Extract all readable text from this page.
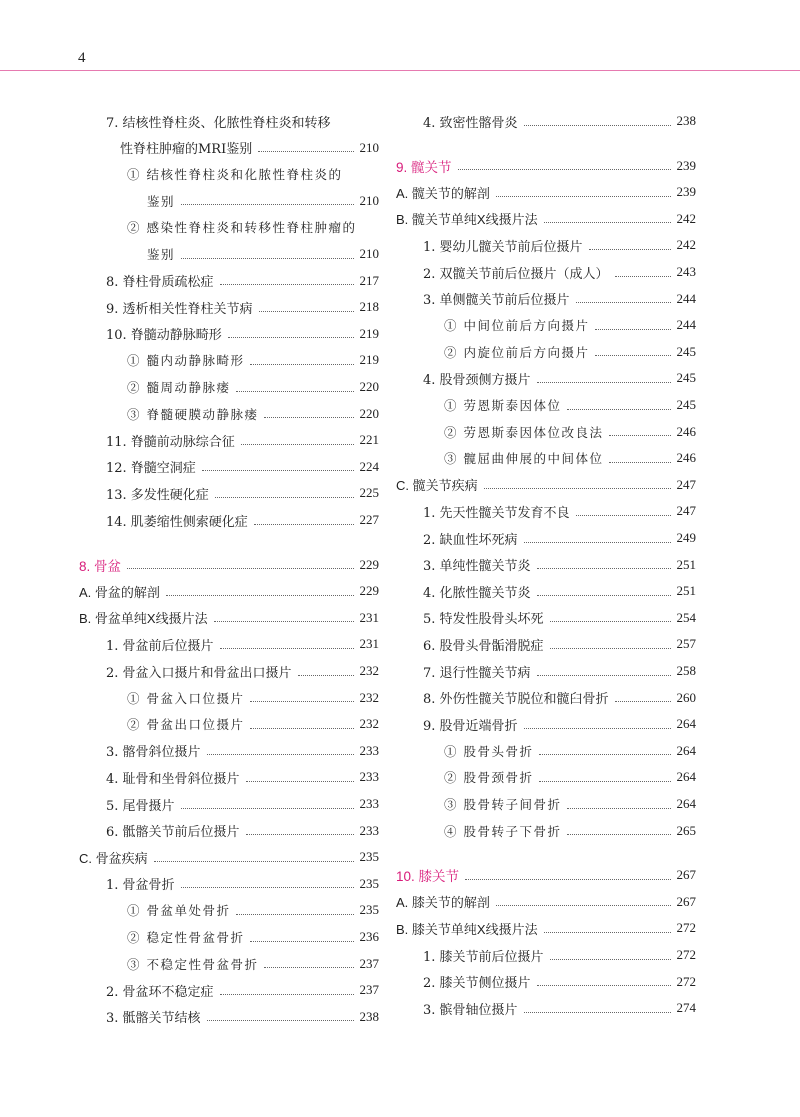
4
7. 结核性脊柱炎、化脓性脊柱炎和转移
性脊柱肿瘤的MRI鉴别	210
① 结核性脊柱炎和化脓性脊柱炎的
鉴别	210
② 感染性脊柱炎和转移性脊柱肿瘤的
鉴别	210
8. 脊柱骨质疏松症	217
9. 透析相关性脊柱关节病	218
10. 脊髓动静脉畸形	219
① 髓内动静脉畸形	219
② 髓周动静脉瘘	220
③ 脊髓硬膜动静脉瘘	220
11. 脊髓前动脉综合征	221
12. 脊髓空洞症	224
13. 多发性硬化症	225
14. 肌萎缩性侧索硬化症	227
8. 骨盆	229
A. 骨盆的解剖	229
B. 骨盆单纯X线摄片法	231
1. 骨盆前后位摄片	231
2. 骨盆入口摄片和骨盆出口摄片	232
① 骨盆入口位摄片	232
② 骨盆出口位摄片	232
3. 髂骨斜位摄片	233
4. 耻骨和坐骨斜位摄片	233
5. 尾骨摄片	233
6. 骶髂关节前后位摄片	233
C. 骨盆疾病	235
1. 骨盆骨折	235
① 骨盆单处骨折	235
② 稳定性骨盆骨折	236
③ 不稳定性骨盆骨折	237
2. 骨盆环不稳定症	237
3. 骶髂关节结核	238
4. 致密性髂骨炎	238
9. 髋关节	239
A. 髋关节的解剖	239
B. 髋关节单纯X线摄片法	242
1. 婴幼儿髋关节前后位摄片	242
2. 双髋关节前后位摄片（成人）	243
3. 单侧髋关节前后位摄片	244
① 中间位前后方向摄片	244
② 内旋位前后方向摄片	245
4. 股骨颈侧方摄片	245
① 劳恩斯泰因体位	245
② 劳恩斯泰因体位改良法	246
③ 髋屈曲伸展的中间体位	246
C. 髋关节疾病	247
1. 先天性髋关节发育不良	247
2. 缺血性坏死病	249
3. 单纯性髋关节炎	251
4. 化脓性髋关节炎	251
5. 特发性股骨头坏死	254
6. 股骨头骨骺滑脱症	257
7. 退行性髋关节病	258
8. 外伤性髋关节脱位和髋臼骨折	260
9. 股骨近端骨折	264
① 股骨头骨折	264
② 股骨颈骨折	264
③ 股骨转子间骨折	264
④ 股骨转子下骨折	265
10. 膝关节	267
A. 膝关节的解剖	267
B. 膝关节单纯X线摄片法	272
1. 膝关节前后位摄片	272
2. 膝关节侧位摄片	272
3. 髌骨轴位摄片	274
